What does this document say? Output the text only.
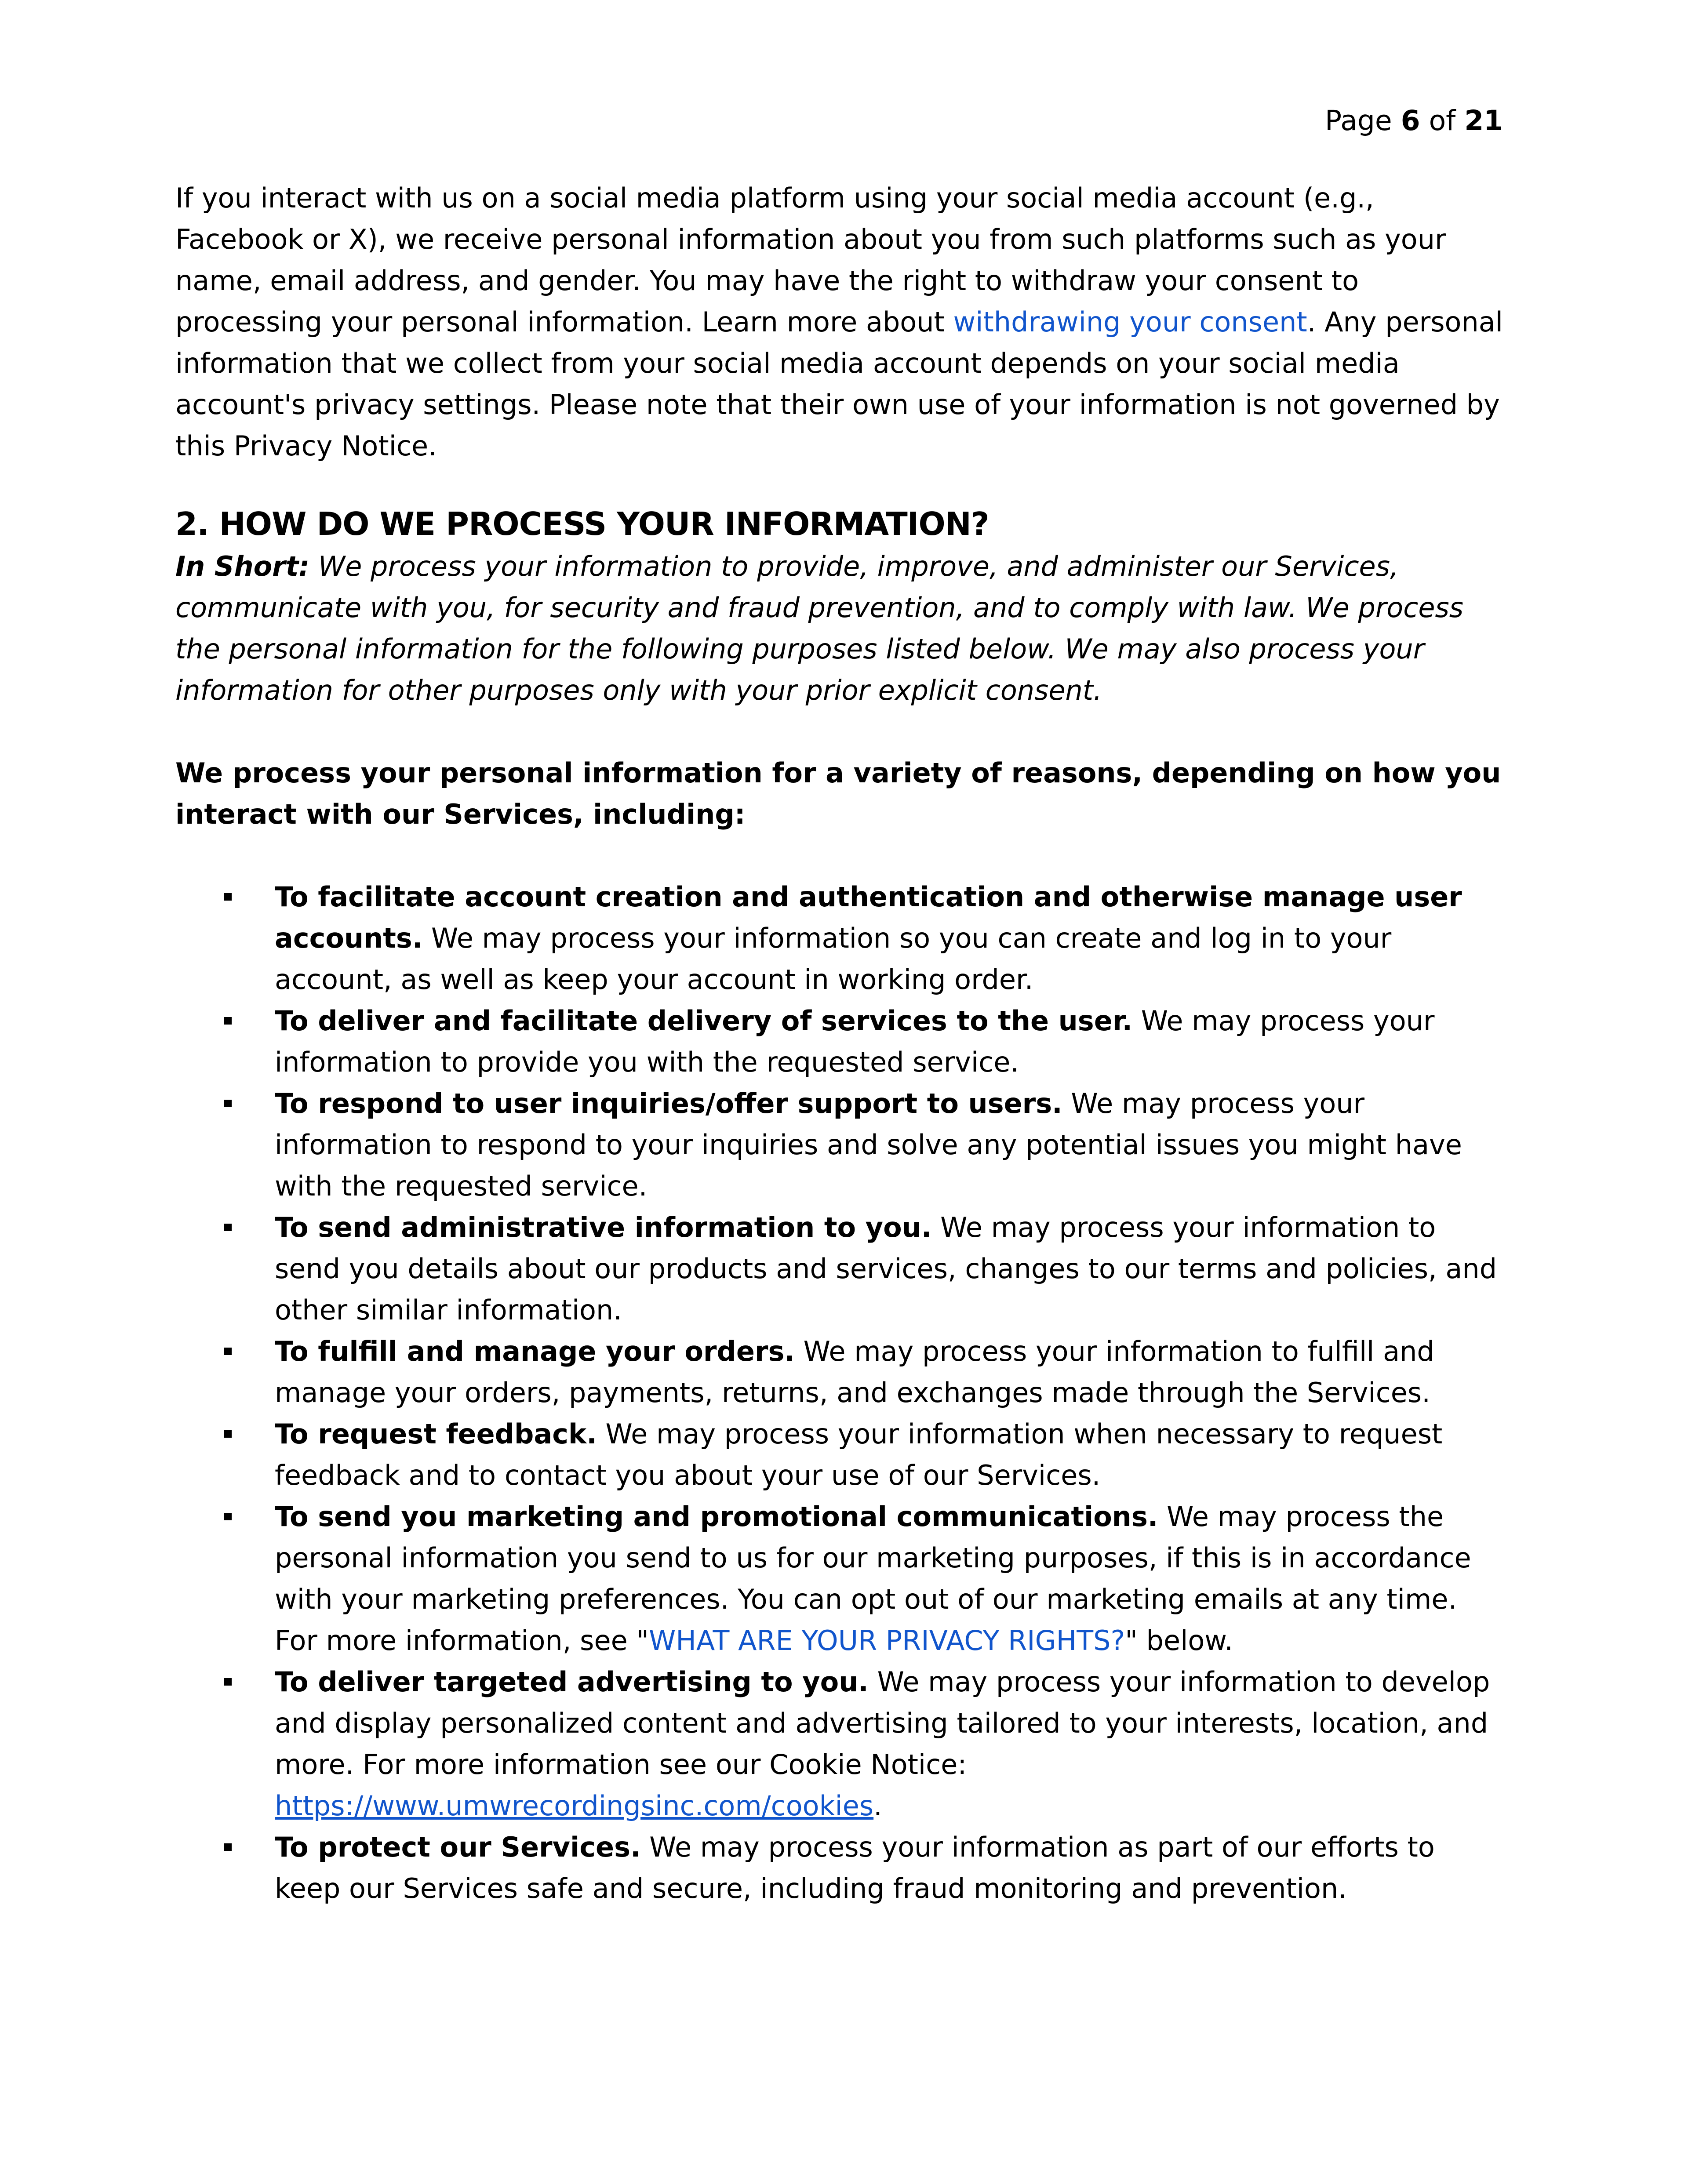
Page 6 of 21

If you interact with us on a social media platform using your social media account (e.g., Facebook or X), we receive personal information about you from such platforms such as your name, email address, and gender. You may have the right to withdraw your consent to processing your personal information. Learn more about withdrawing your consent. Any personal information that we collect from your social media account depends on your social media account's privacy settings. Please note that their own use of your information is not governed by this Privacy Notice.

2. HOW DO WE PROCESS YOUR INFORMATION?

In Short: We process your information to provide, improve, and administer our Services, communicate with you, for security and fraud prevention, and to comply with law. We process the personal information for the following purposes listed below. We may also process your information for other purposes only with your prior explicit consent.

We process your personal information for a variety of reasons, depending on how you interact with our Services, including:

To facilitate account creation and authentication and otherwise manage user accounts. We may process your information so you can create and log in to your account, as well as keep your account in working order.
To deliver and facilitate delivery of services to the user. We may process your information to provide you with the requested service.
To respond to user inquiries/offer support to users. We may process your information to respond to your inquiries and solve any potential issues you might have with the requested service.
To send administrative information to you. We may process your information to send you details about our products and services, changes to our terms and policies, and other similar information.
To fulfill and manage your orders. We may process your information to fulfill and manage your orders, payments, returns, and exchanges made through the Services.
To request feedback. We may process your information when necessary to request feedback and to contact you about your use of our Services.
To send you marketing and promotional communications. We may process the personal information you send to us for our marketing purposes, if this is in accordance with your marketing preferences. You can opt out of our marketing emails at any time. For more information, see "WHAT ARE YOUR PRIVACY RIGHTS?" below.
To deliver targeted advertising to you. We may process your information to develop and display personalized content and advertising tailored to your interests, location, and more. For more information see our Cookie Notice: https://www.umwrecordingsinc.com/cookies.
To protect our Services. We may process your information as part of our efforts to keep our Services safe and secure, including fraud monitoring and prevention.
